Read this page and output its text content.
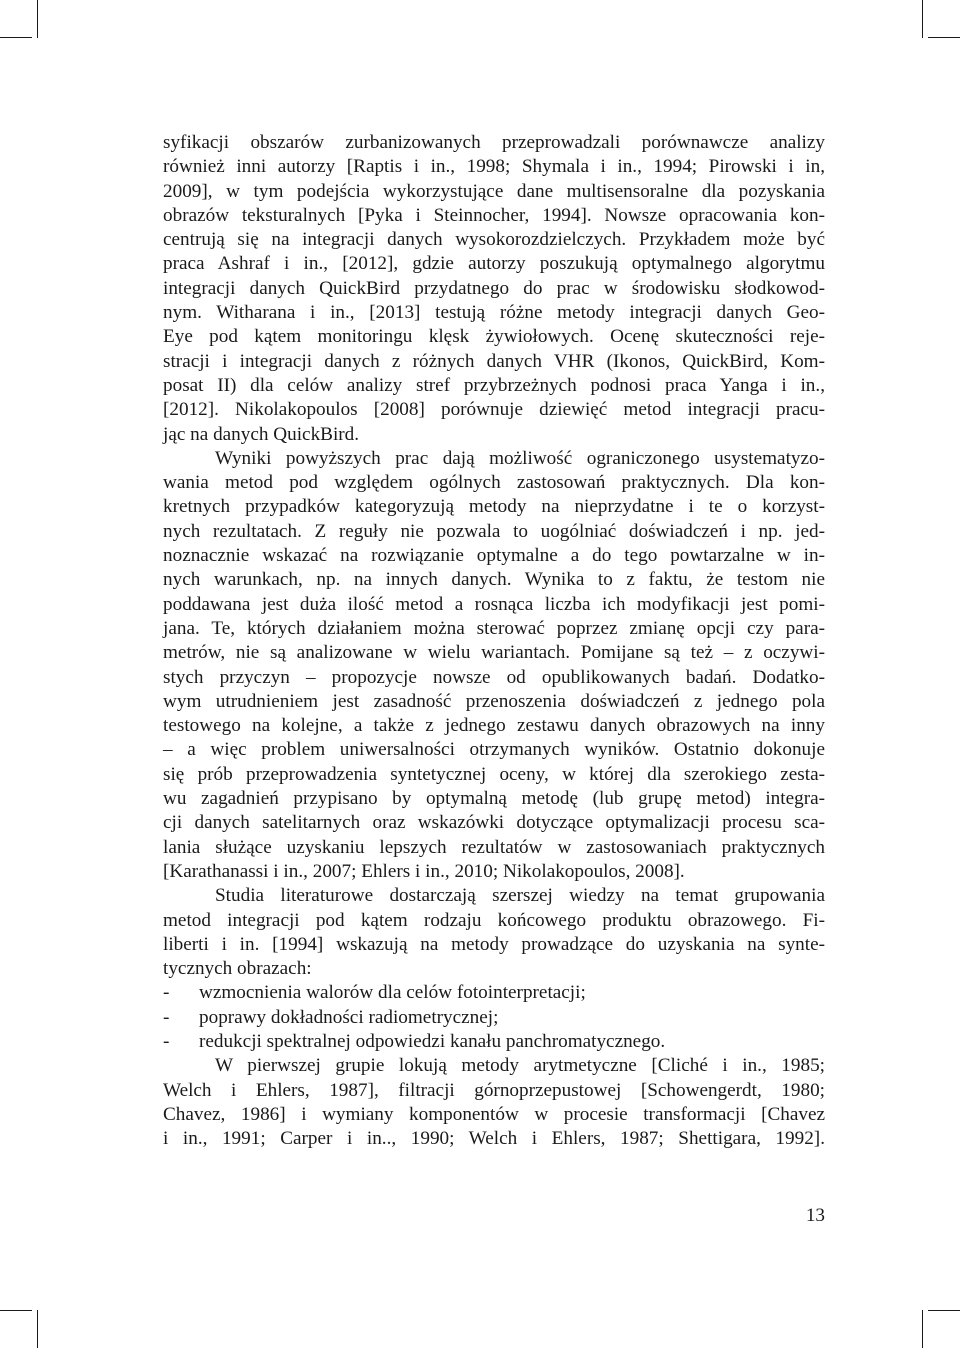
syfikacji obszarów zurbanizowanych przeprowadzali porównawcze analizy
również inni autorzy [Raptis i in., 1998; Shymala i in., 1994; Pirowski i in,
2009], w tym podejścia wykorzystujące dane multisensoralne dla pozyskania
obrazów teksturalnych [Pyka i Steinnocher, 1994]. Nowsze opracowania kon-
centrują się na integracji danych wysokorozdzielczych. Przykładem może być
praca Ashraf i in., [2012], gdzie autorzy poszukują optymalnego algorytmu
integracji danych QuickBird przydatnego do prac w środowisku słodkowod-
nym. Witharana i in., [2013] testują różne metody integracji danych Geo-
Eye pod kątem monitoringu klęsk żywiołowych. Ocenę skuteczności reje-
stracji i integracji danych z różnych danych VHR (Ikonos, QuickBird, Kom-
posat II) dla celów analizy stref przybrzeżnych podnosi praca Yanga i in.,
[2012]. Nikolakopoulos [2008] porównuje dziewięć metod integracji pracu-
jąc na danych QuickBird.
Wyniki powyższych prac dają możliwość ograniczonego usystematyzo-
wania metod pod względem ogólnych zastosowań praktycznych. Dla kon-
kretnych przypadków kategoryzują metody na nieprzydatne i te o korzyst-
nych rezultatach. Z reguły nie pozwala to uogólniać doświadczeń i np. jed-
noznacznie wskazać na rozwiązanie optymalne a do tego powtarzalne w in-
nych warunkach, np. na innych danych. Wynika to z faktu, że testom nie
poddawana jest duża ilość metod a rosnąca liczba ich modyfikacji jest pomi-
jana. Te, których działaniem można sterować poprzez zmianę opcji czy para-
metrów, nie są analizowane w wielu wariantach. Pomijane są też – z oczywi-
stych przyczyn – propozycje nowsze od opublikowanych badań. Dodatko-
wym utrudnieniem jest zasadność przenoszenia doświadczeń z jednego pola
testowego na kolejne, a także z jednego zestawu danych obrazowych na inny
– a więc problem uniwersalności otrzymanych wyników. Ostatnio dokonuje
się prób przeprowadzenia syntetycznej oceny, w której dla szerokiego zesta-
wu zagadnień przypisano by optymalną metodę (lub grupę metod) integra-
cji danych satelitarnych oraz wskazówki dotyczące optymalizacji procesu sca-
lania służące uzyskaniu lepszych rezultatów w zastosowaniach praktycznych
[Karathanassi i in., 2007; Ehlers i in., 2010; Nikolakopoulos, 2008].
Studia literaturowe dostarczają szerszej wiedzy na temat grupowania
metod integracji pod kątem rodzaju końcowego produktu obrazowego. Fi-
liberti i in. [1994] wskazują na metody prowadzące do uzyskania na synte-
tycznych obrazach:
- wzmocnienia walorów dla celów fotointerpretacji;
- poprawy dokładności radiometrycznej;
- redukcji spektralnej odpowiedzi kanału panchromatycznego.
W pierwszej grupie lokują metody arytmetyczne [Cliché i in., 1985;
Welch i Ehlers, 1987], filtracji górnoprzepustowej [Schowengerdt, 1980;
Chavez, 1986] i wymiany komponentów w procesie transformacji [Chavez
i in., 1991; Carper i in.., 1990; Welch i Ehlers, 1987; Shettigara, 1992].
13
